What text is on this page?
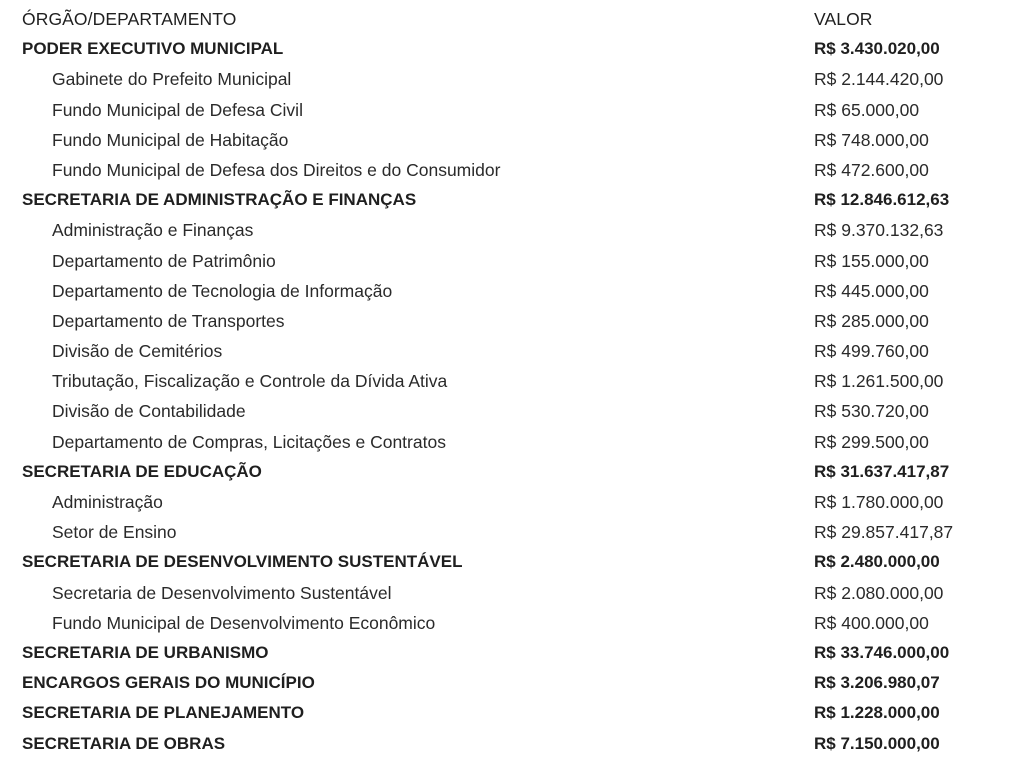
ÓRGÃO/DEPARTAMENTO	VALOR
PODER EXECUTIVO MUNICIPAL	R$ 3.430.020,00
Gabinete do Prefeito Municipal	R$ 2.144.420,00
Fundo Municipal de Defesa Civil	R$ 65.000,00
Fundo Municipal de Habitação	R$ 748.000,00
Fundo Municipal de Defesa dos Direitos e do Consumidor	R$ 472.600,00
SECRETARIA DE ADMINISTRAÇÃO E FINANÇAS	R$ 12.846.612,63
Administração e Finanças	R$ 9.370.132,63
Departamento de Patrimônio	R$ 155.000,00
Departamento de Tecnologia de Informação	R$ 445.000,00
Departamento de Transportes	R$ 285.000,00
Divisão de Cemitérios	R$ 499.760,00
Tributação, Fiscalização e Controle da Dívida Ativa	R$ 1.261.500,00
Divisão de Contabilidade	R$ 530.720,00
Departamento de Compras, Licitações e Contratos	R$ 299.500,00
SECRETARIA DE EDUCAÇÃO	R$ 31.637.417,87
Administração	R$ 1.780.000,00
Setor de Ensino	R$ 29.857.417,87
SECRETARIA DE DESENVOLVIMENTO SUSTENTÁVEL	R$ 2.480.000,00
Secretaria de Desenvolvimento Sustentável	R$ 2.080.000,00
Fundo Municipal de Desenvolvimento Econômico	R$ 400.000,00
SECRETARIA DE URBANISMO	R$ 33.746.000,00
ENCARGOS GERAIS DO MUNICÍPIO	R$ 3.206.980,07
SECRETARIA DE PLANEJAMENTO	R$ 1.228.000,00
SECRETARIA DE OBRAS	R$ 7.150.000,00
